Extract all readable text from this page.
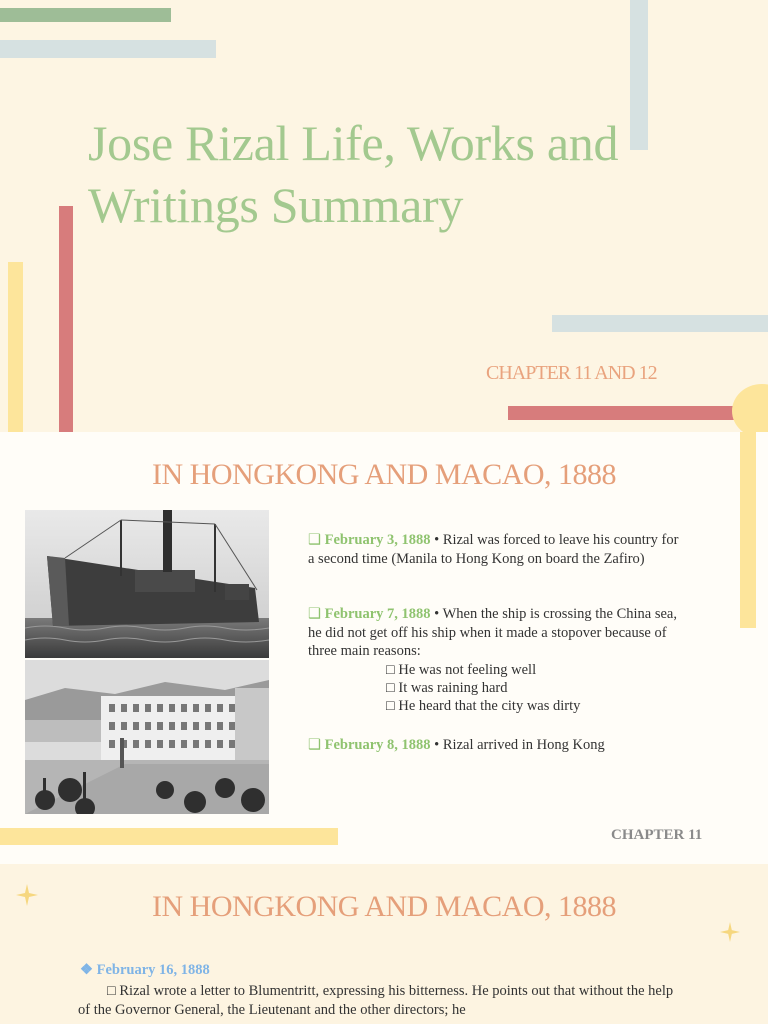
Jose Rizal Life, Works and Writings Summary
CHAPTER 11 AND 12
IN HONGKONG AND MACAO, 1888
❑ February 3, 1888 • Rizal was forced to leave his country for a second time (Manila to Hong Kong on board the Zafiro)
❑ February 7, 1888 • When the ship is crossing the China sea, he did not get off his ship when it made a stopover because of three main reasons:
□ He was not feeling well
□ It was raining hard
□ He heard that the city was dirty
❑ February 8, 1888 • Rizal arrived in Hong Kong
CHAPTER 11
IN HONGKONG AND MACAO, 1888
❖ February 16, 1888
□ Rizal wrote a letter to Blumentritt, expressing his bitterness. He points out that without the help of the Governor General, the Lieutenant and the other directors; he
